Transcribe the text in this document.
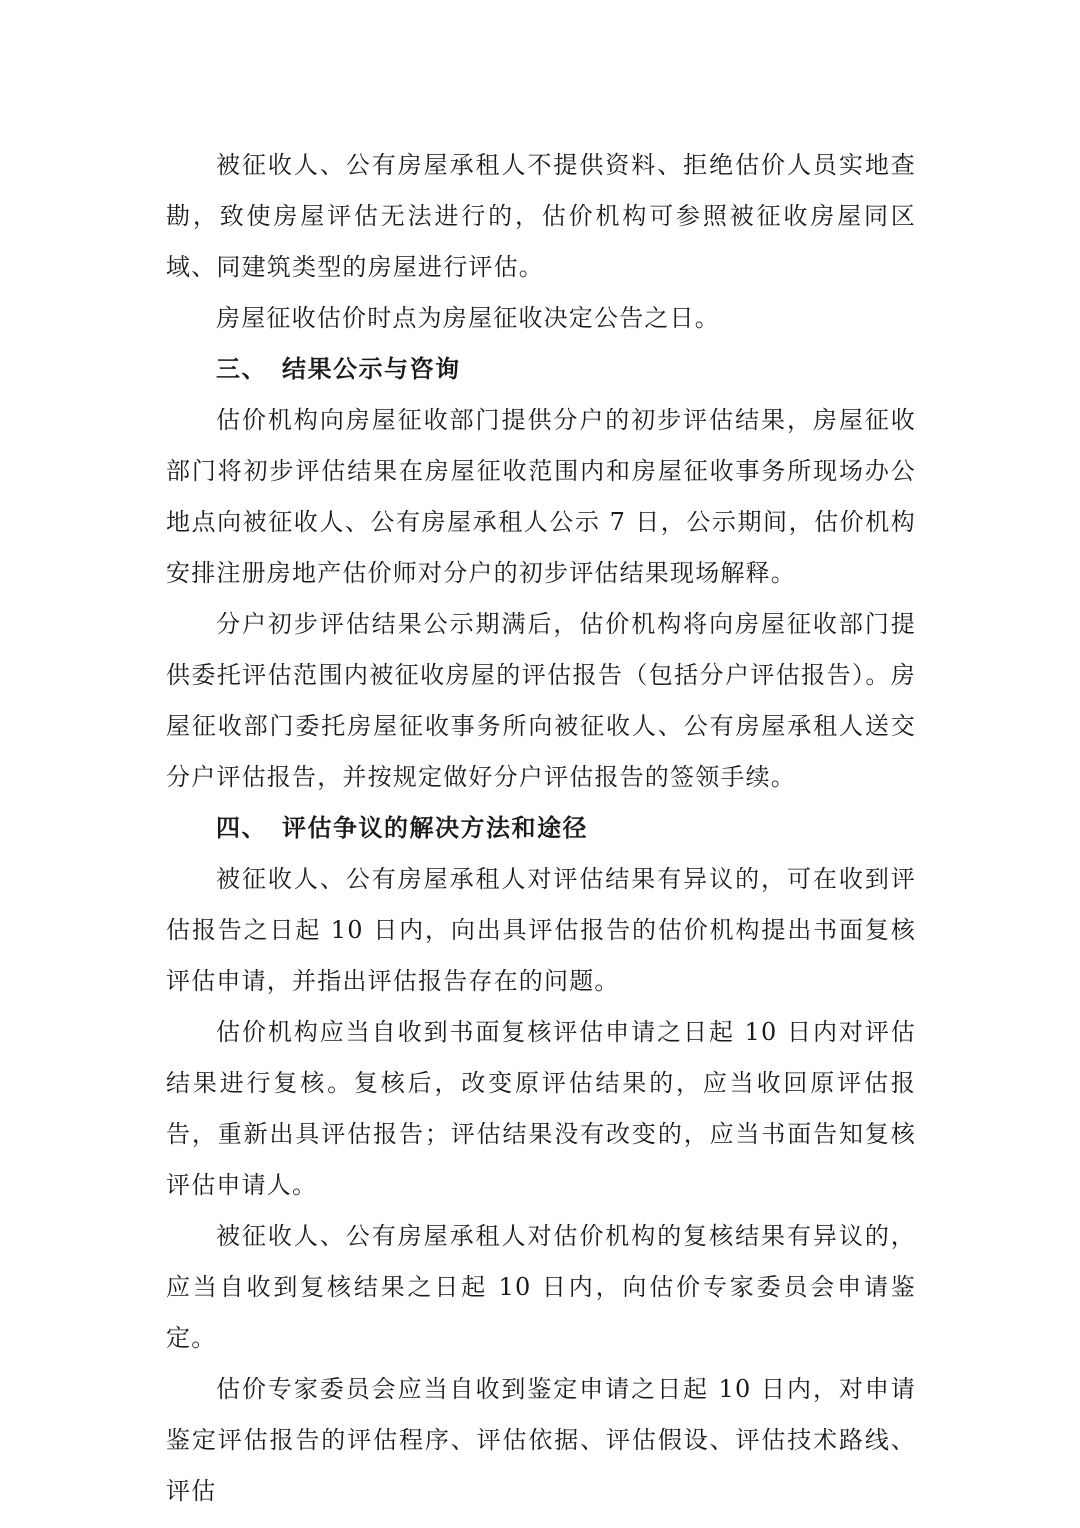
被征收人、公有房屋承租人不提供资料、拒绝估价人员实地查勘，致使房屋评估无法进行的，估价机构可参照被征收房屋同区域、同建筑类型的房屋进行评估。

房屋征收估价时点为房屋征收决定公告之日。

三、 结果公示与咨询

估价机构向房屋征收部门提供分户的初步评估结果，房屋征收部门将初步评估结果在房屋征收范围内和房屋征收事务所现场办公地点向被征收人、公有房屋承租人公示 7 日，公示期间，估价机构安排注册房地产估价师对分户的初步评估结果现场解释。

分户初步评估结果公示期满后，估价机构将向房屋征收部门提供委托评估范围内被征收房屋的评估报告（包括分户评估报告）。房屋征收部门委托房屋征收事务所向被征收人、公有房屋承租人送交分户评估报告，并按规定做好分户评估报告的签领手续。

四、 评估争议的解决方法和途径

被征收人、公有房屋承租人对评估结果有异议的，可在收到评估报告之日起 10 日内，向出具评估报告的估价机构提出书面复核评估申请，并指出评估报告存在的问题。

估价机构应当自收到书面复核评估申请之日起 10 日内对评估结果进行复核。复核后，改变原评估结果的，应当收回原评估报告，重新出具评估报告；评估结果没有改变的，应当书面告知复核评估申请人。

被征收人、公有房屋承租人对估价机构的复核结果有异议的，应当自收到复核结果之日起 10 日内，向估价专家委员会申请鉴定。

估价专家委员会应当自收到鉴定申请之日起 10 日内，对申请鉴定评估报告的评估程序、评估依据、评估假设、评估技术路线、评估
